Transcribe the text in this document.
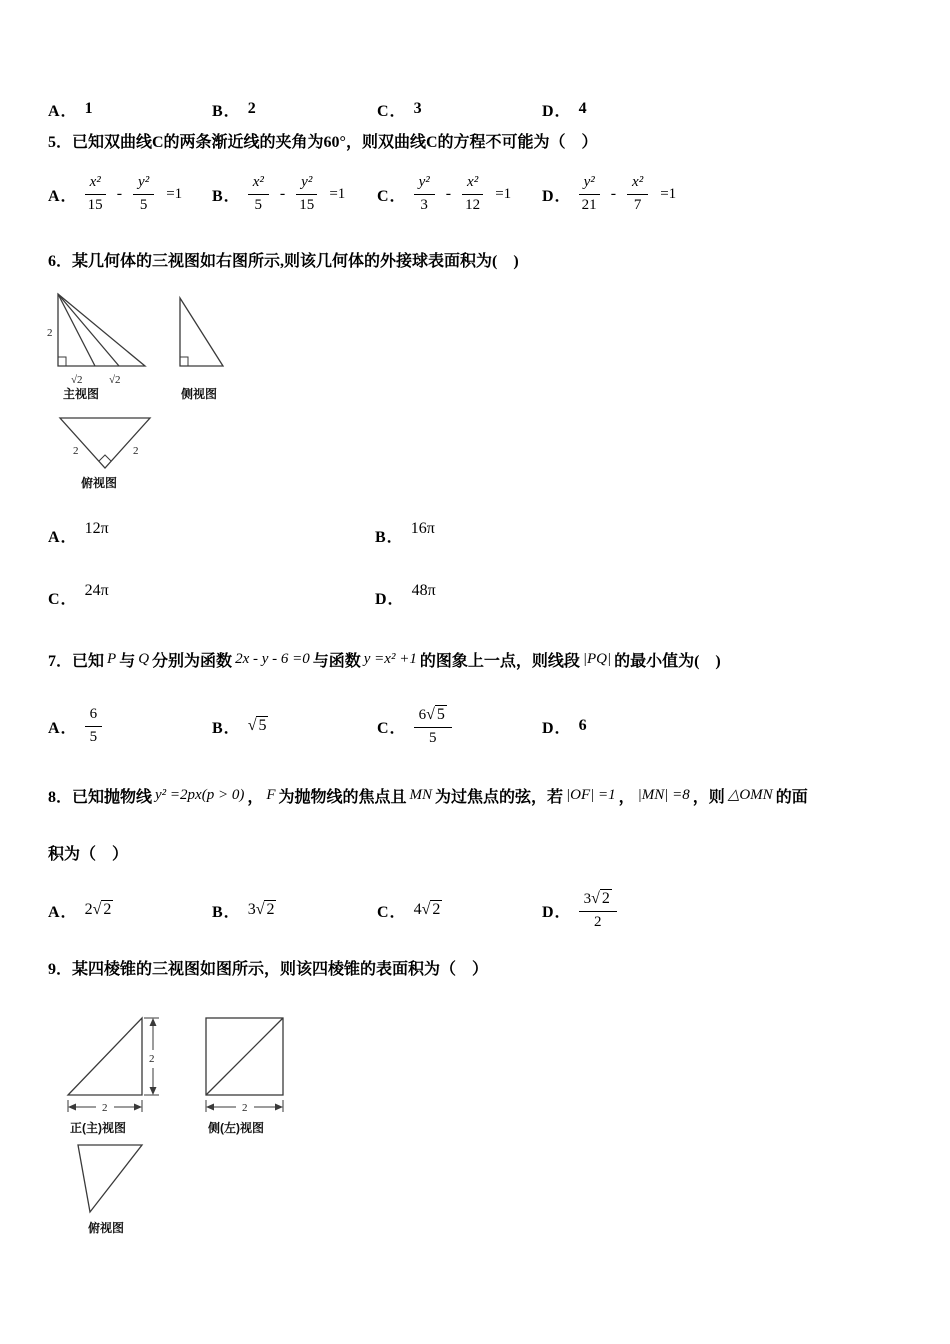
A． 1	B． 2	C． 3	D． 4
5．已知双曲线C的两条渐近线的夹角为60°，则双曲线C的方程不可能为（　）
A． $\frac{\text{x²}}{15} - \frac{\text{y²}}{5} =1$ B． $\frac{\text{x²}}{5} - \frac{\text{y²}}{15} =1$ C． $\frac{\text{y²}}{3} - \frac{\text{x²}}{12} =1$ D． $\frac{\text{y²}}{21} - \frac{\text{x²}}{7} =1$
6．某几何体的三视图如右图所示,则该几何体的外接球表面积为(　)
2
√2 √2
2	2
主视图	侧视图
俯视图
A． 12π	B． 16π
C． 24π	D． 48π
7．已知 P 与 Q 分别为函数 2x - y - 6 =0 与函数 y =x² +1 的图象上一点，则线段 |PQ| 的最小值为(　)
A． $\frac{6}{5}$	B． √ 5	C． $\frac{6√ 5}{5}$	D． 6
8．已知抛物线 y² =2px(p > 0) ， F 为抛物线的焦点且 MN 为过焦点的弦，若 |OF| =1 ， |MN| =8 ，则 △OMN 的面
积为（　）
A． 2√ 2	B． 3√ 2	C． 4√ 2	D． $\frac{3√ 2}{2}$
9．某四棱锥的三视图如图所示，则该四棱锥的表面积为（　）
2
2	2
正(主)视图	侧(左)视图
俯视图
